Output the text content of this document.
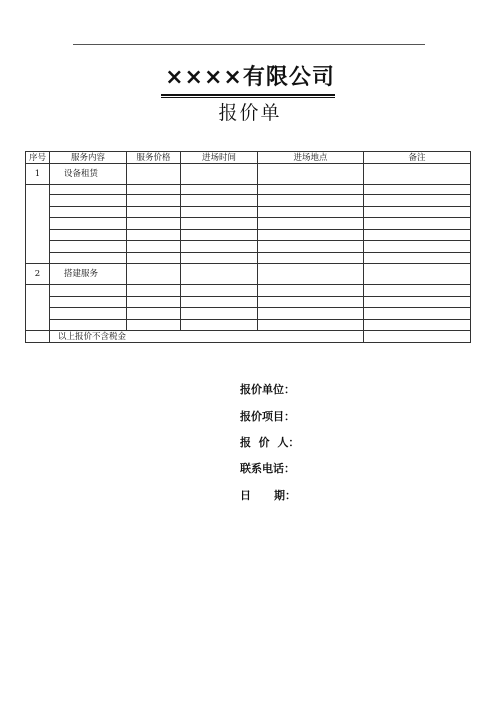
××××有限公司
报价单
序号	服务内容	服务价格	进场时间	进场地点	备注
1	设备租赁				

2	搭建服务				

	以上报价不含税金				
报价单位：
报价项目：
报  价  人：
联系电话：
日      期：
